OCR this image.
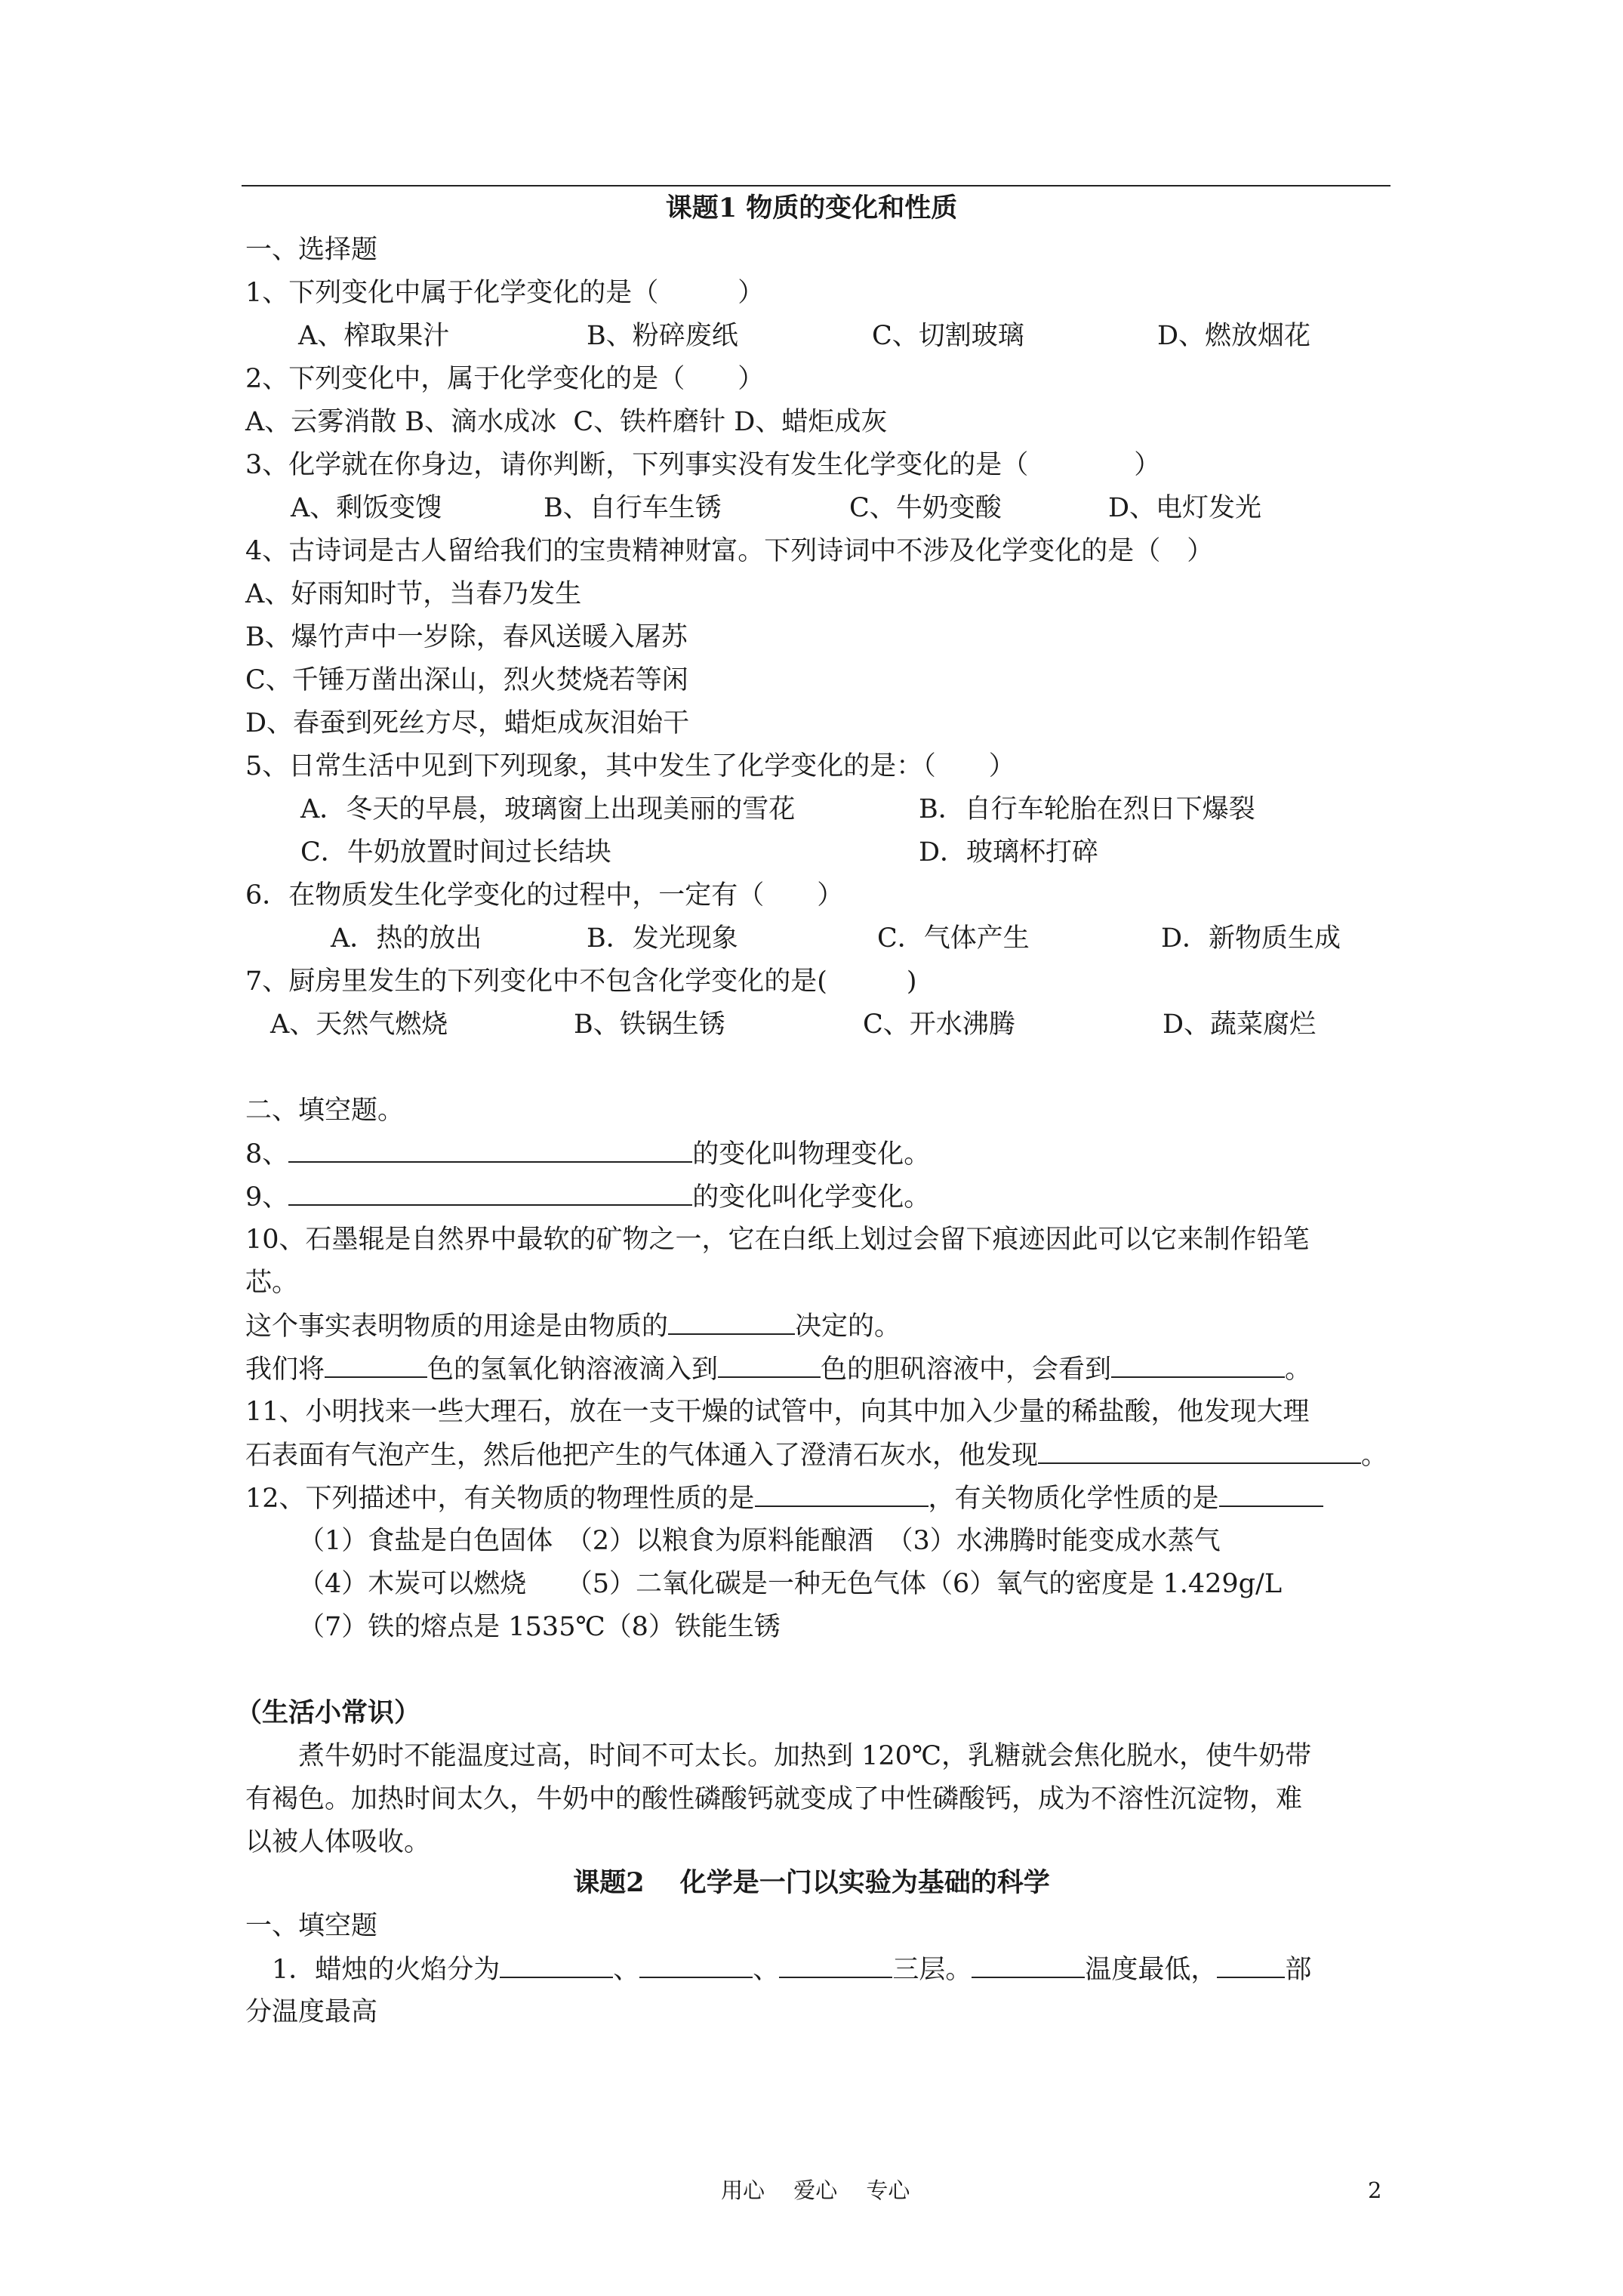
课题1 物质的变化和性质
一、选择题
1、下列变化中属于化学变化的是（　　　）
A、榨取果汁	B、粉碎废纸	C、切割玻璃	D、燃放烟花
2、下列变化中，属于化学变化的是（　　）
A、云雾消散 B、滴水成冰  C、铁杵磨针 D、蜡炬成灰
3、化学就在你身边，请你判断，下列事实没有发生化学变化的是（　　　　）
A、剩饭变馊	B、自行车生锈	C、牛奶变酸	D、电灯发光
4、古诗词是古人留给我们的宝贵精神财富。下列诗词中不涉及化学变化的是（　）
A、好雨知时节，当春乃发生
B、爆竹声中一岁除，春风送暖入屠苏
C、千锤万凿出深山，烈火焚烧若等闲
D、春蚕到死丝方尽，蜡炬成灰泪始干
5、日常生活中见到下列现象，其中发生了化学变化的是：（　　）
A．冬天的早晨，玻璃窗上出现美丽的雪花	B．自行车轮胎在烈日下爆裂
C．牛奶放置时间过长结块	D．玻璃杯打碎
6．在物质发生化学变化的过程中，一定有（　　）
A．热的放出	B．发光现象	C．气体产生	D．新物质生成
7、厨房里发生的下列变化中不包含化学变化的是(　　　)
A、天然气燃烧	B、铁锅生锈	C、开水沸腾	D、蔬菜腐烂
二、填空题。
8、	的变化叫物理变化。
9、	的变化叫化学变化。
10、石墨辊是自然界中最软的矿物之一，它在白纸上划过会留下痕迹因此可以它来制作铅笔
芯。
这个事实表明物质的用途是由物质的	决定的。
我们将	色的氢氧化钠溶液滴入到	色的胆矾溶液中，会看到	。
11、小明找来一些大理石，放在一支干燥的试管中，向其中加入少量的稀盐酸，他发现大理
石表面有气泡产生，然后他把产生的气体通入了澄清石灰水，他发现	。
12、下列描述中，有关物质的物理性质的是	，有关物质化学性质的是
（1）食盐是白色固体　（2）以粮食为原料能酿酒　（3）水沸腾时能变成水蒸气
（4）木炭可以燃烧　　（5）二氧化碳是一种无色气体（6）氧气的密度是 1.429g/L
（7）铁的熔点是 1535℃（8）铁能生锈
（生活小常识）
　　煮牛奶时不能温度过高，时间不可太长。加热到 120℃，乳糖就会焦化脱水，使牛奶带
有褐色。加热时间太久，牛奶中的酸性磷酸钙就变成了中性磷酸钙，成为不溶性沉淀物，难
以被人体吸收。
课题2　 化学是一门以实验为基础的科学
一、填空题
　1．蜡烛的火焰分为	、	、	三层。	温度最低，	部
分温度最高
用心　 爱心　 专心	2
